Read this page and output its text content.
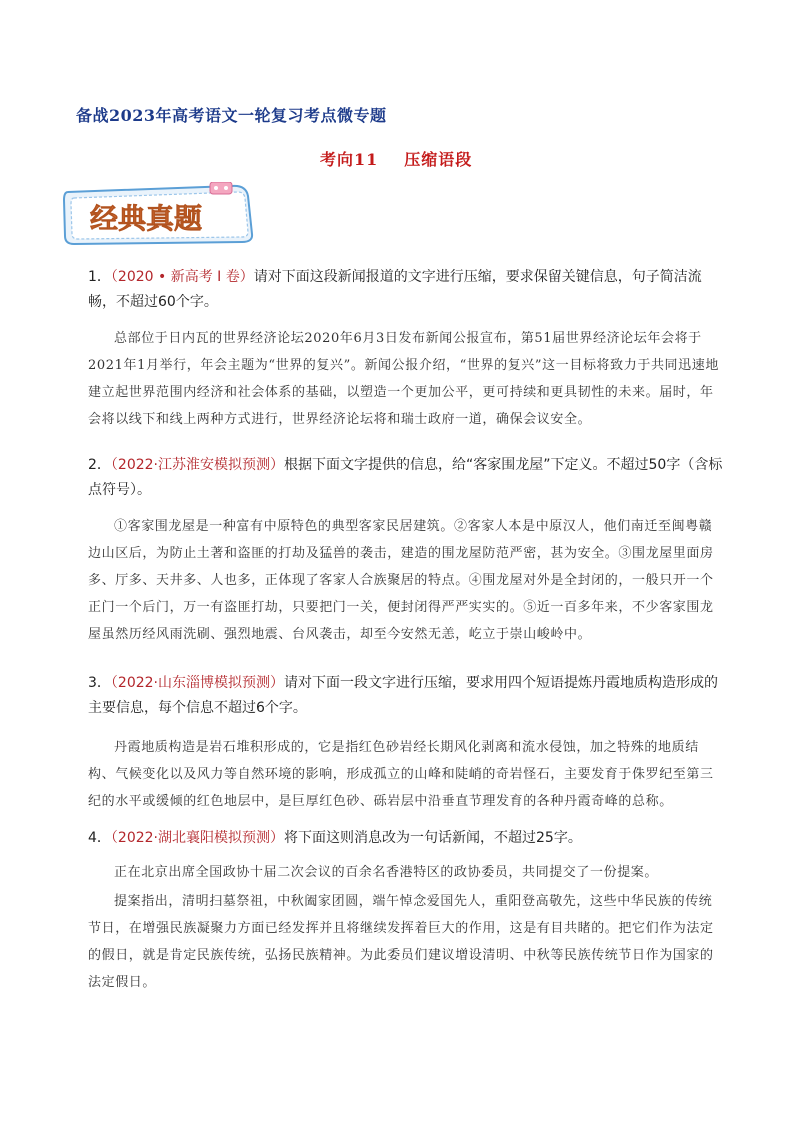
备战2023年高考语文一轮复习考点微专题
考向11 压缩语段
经典真题
1．（2020 • 新高考 I 卷）请对下面这段新闻报道的文字进行压缩，要求保留关键信息，句子简洁流畅，不超过60个字。
总部位于日内瓦的世界经济论坛2020年6月3日发布新闻公报宣布，第51届世界经济论坛年会将于2021年1月举行，年会主题为“世界的复兴”。新闻公报介绍，“世界的复兴”这一目标将致力于共同迅速地建立起世界范围内经济和社会体系的基础，以塑造一个更加公平，更可持续和更具韧性的未来。届时，年会将以线下和线上两种方式进行，世界经济论坛将和瑞士政府一道，确保会议安全。
2．（2022·江苏淮安模拟预测）根据下面文字提供的信息，给“客家围龙屋”下定义。不超过50字（含标点符号）。
①客家围龙屋是一种富有中原特色的典型客家民居建筑。②客家人本是中原汉人，他们南迁至闽粤赣边山区后，为防止土著和盗匪的打劫及猛兽的袭击，建造的围龙屋防范严密，甚为安全。③围龙屋里面房多、厅多、天井多、人也多，正体现了客家人合族聚居的特点。④围龙屋对外是全封闭的，一般只开一个正门一个后门，万一有盗匪打劫，只要把门一关，便封闭得严严实实的。⑤近一百多年来，不少客家围龙屋虽然历经风雨洗刷、强烈地震、台风袭击，却至今安然无恙，屹立于崇山峻岭中。
3．（2022·山东淄博模拟预测）请对下面一段文字进行压缩，要求用四个短语提炼丹霞地质构造形成的主要信息，每个信息不超过6个字。
丹霞地质构造是岩石堆积形成的，它是指红色砂岩经长期风化剥离和流水侵蚀，加之特殊的地质结构、气候变化以及风力等自然环境的影响，形成孤立的山峰和陡峭的奇岩怪石，主要发育于侏罗纪至第三纪的水平或缓倾的红色地层中，是巨厚红色砂、砾岩层中沿垂直节理发育的各种丹霞奇峰的总称。
4．（2022·湖北襄阳模拟预测）将下面这则消息改为一句话新闻，不超过25字。
正在北京出席全国政协十届二次会议的百余名香港特区的政协委员，共同提交了一份提案。
提案指出，清明扫墓祭祖，中秋阖家团圆，端午悼念爱国先人，重阳登高敬先，这些中华民族的传统节日，在增强民族凝聚力方面已经发挥并且将继续发挥着巨大的作用，这是有目共睹的。把它们作为法定的假日，就是肯定民族传统，弘扬民族精神。为此委员们建议增设清明、中秋等民族传统节日作为国家的法定假日。
